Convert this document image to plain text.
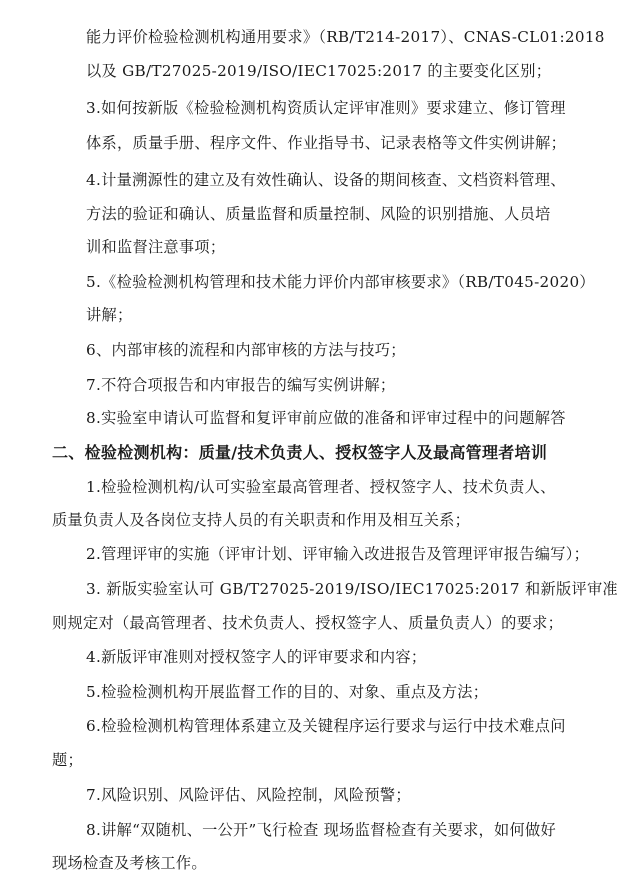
能力评价检验检测机构通用要求》（RB/T214-2017）、CNAS-CL01:2018
以及 GB/T27025-2019/ISO/IEC17025:2017 的主要变化区别；
3.如何按新版《检验检测机构资质认定评审准则》要求建立、修订管理
体系，质量手册、程序文件、作业指导书、记录表格等文件实例讲解；
4.计量溯源性的建立及有效性确认、设备的期间核查、文档资料管理、
方法的验证和确认、质量监督和质量控制、风险的识别措施、人员培
训和监督注意事项；
5.《检验检测机构管理和技术能力评价内部审核要求》（RB/T045-2020）
讲解；
6、内部审核的流程和内部审核的方法与技巧；
7.不符合项报告和内审报告的编写实例讲解；
8.实验室申请认可监督和复评审前应做的准备和评审过程中的问题解答
二、检验检测机构：质量/技术负责人、授权签字人及最高管理者培训
1.检验检测机构/认可实验室最高管理者、授权签字人、技术负责人、
质量负责人及各岗位支持人员的有关职责和作用及相互关系；
2.管理评审的实施（评审计划、评审输入改进报告及管理评审报告编写）；
3. 新版实验室认可 GB/T27025-2019/ISO/IEC17025:2017 和新版评审准
则规定对（最高管理者、技术负责人、授权签字人、质量负责人）的要求；
4.新版评审准则对授权签字人的评审要求和内容；
5.检验检测机构开展监督工作的目的、对象、重点及方法；
6.检验检测机构管理体系建立及关键程序运行要求与运行中技术难点问
题；
7.风险识别、风险评估、风险控制，风险预警；
8.讲解“双随机、一公开”飞行检查 现场监督检查有关要求，如何做好
现场检查及考核工作。
